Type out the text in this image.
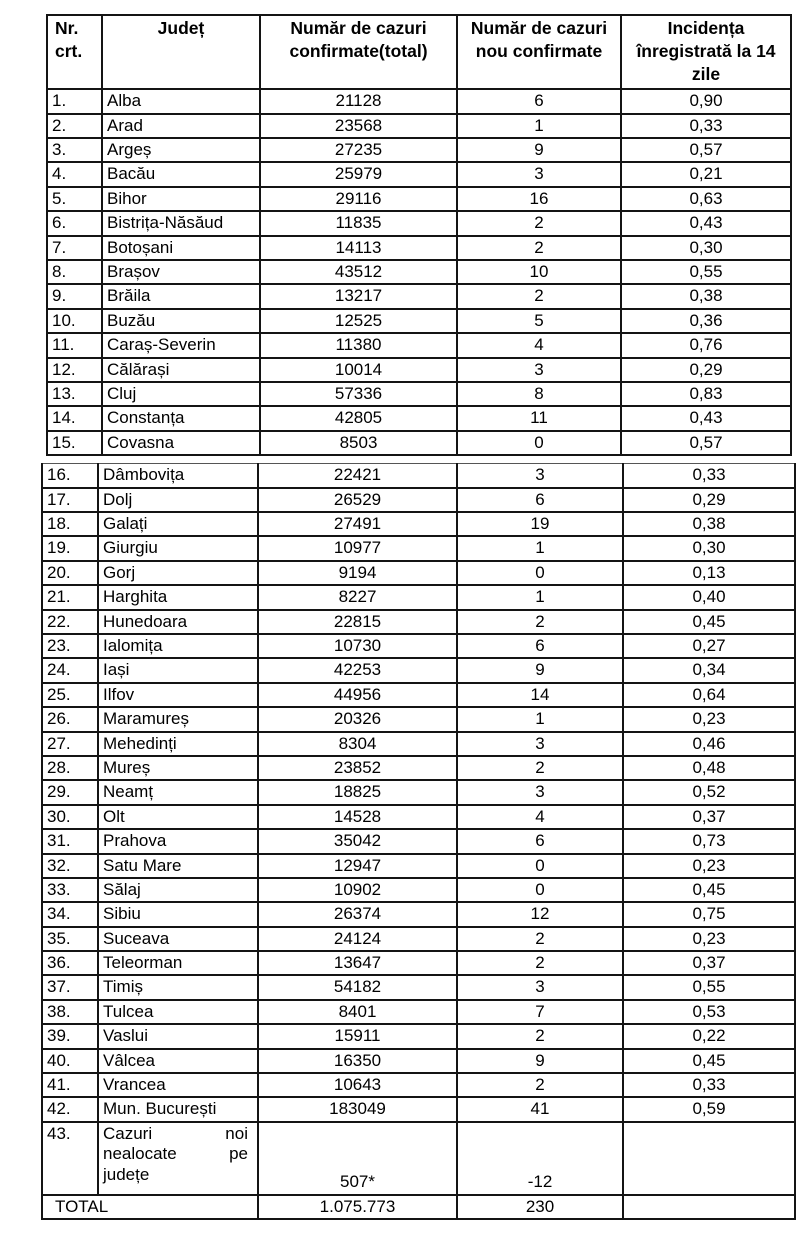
Nr. crt.	Județ	Număr de cazuri confirmate(total)	Număr de cazuri nou confirmate	Incidența înregistrată la 14 zile
1.	Alba	21128	6	0,90
2.	Arad	23568	1	0,33
3.	Argeș	27235	9	0,57
4.	Bacău	25979	3	0,21
5.	Bihor	29116	16	0,63
6.	Bistrița-Năsăud	11835	2	0,43
7.	Botoșani	14113	2	0,30
8.	Brașov	43512	10	0,55
9.	Brăila	13217	2	0,38
10.	Buzău	12525	5	0,36
11.	Caraș-Severin	11380	4	0,76
12.	Călărași	10014	3	0,29
13.	Cluj	57336	8	0,83
14.	Constanța	42805	11	0,43
15.	Covasna	8503	0	0,57
16.	Dâmbovița	22421	3	0,33
17.	Dolj	26529	6	0,29
18.	Galați	27491	19	0,38
19.	Giurgiu	10977	1	0,30
20.	Gorj	9194	0	0,13
21.	Harghita	8227	1	0,40
22.	Hunedoara	22815	2	0,45
23.	Ialomița	10730	6	0,27
24.	Iași	42253	9	0,34
25.	Ilfov	44956	14	0,64
26.	Maramureș	20326	1	0,23
27.	Mehedinți	8304	3	0,46
28.	Mureș	23852	2	0,48
29.	Neamț	18825	3	0,52
30.	Olt	14528	4	0,37
31.	Prahova	35042	6	0,73
32.	Satu Mare	12947	0	0,23
33.	Sălaj	10902	0	0,45
34.	Sibiu	26374	12	0,75
35.	Suceava	24124	2	0,23
36.	Teleorman	13647	2	0,37
37.	Timiș	54182	3	0,55
38.	Tulcea	8401	7	0,53
39.	Vaslui	15911	2	0,22
40.	Vâlcea	16350	9	0,45
41.	Vrancea	10643	2	0,33
42.	Mun. București	183049	41	0,59
43.	Cazuri noi nealocate pe județe	507*	-12	
TOTAL		1.075.773	230	
